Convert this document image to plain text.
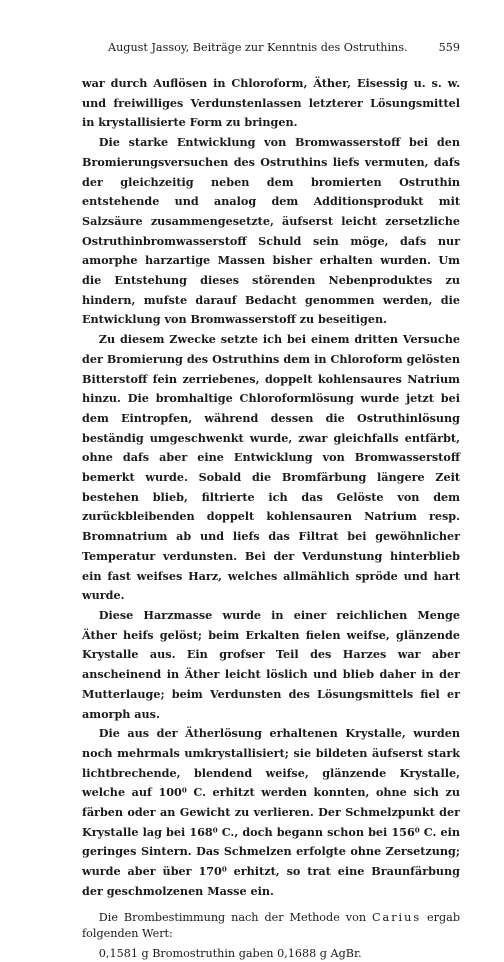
August Jassoy, Beiträge zur Kenntnis des Ostruthins.	559

war durch Auflösen in Chloroform, Äther, Eisessig u. s. w. und freiwilliges Verdunstenlassen letzterer Lösungsmittel in krystallisierte Form zu bringen.

Die starke Entwicklung von Bromwasserstoff bei den Bromierungsversuchen des Ostruthins liefs vermuten, dafs der gleichzeitig neben dem bromierten Ostruthin entstehende und analog dem Additionsprodukt mit Salzsäure zusammengesetzte, äufserst leicht zersetzliche Ostruthinbromwasserstoff Schuld sein möge, dafs nur amorphe harzartige Massen bisher erhalten wurden. Um die Entstehung dieses störenden Nebenproduktes zu hindern, mufste darauf Bedacht genommen werden, die Entwicklung von Bromwasserstoff zu beseitigen.

Zu diesem Zwecke setzte ich bei einem dritten Versuche der Bromierung des Ostruthins dem in Chloroform gelösten Bitterstoff fein zerriebenes, doppelt kohlensaures Natrium hinzu. Die bromhaltige Chloroformlösung wurde jetzt bei dem Eintropfen, während dessen die Ostruthinlösung beständig umgeschwenkt wurde, zwar gleichfalls entfärbt, ohne dafs aber eine Entwicklung von Bromwasserstoff bemerkt wurde. Sobald die Bromfärbung längere Zeit bestehen blieb, filtrierte ich das Gelöste von dem zurückbleibenden doppelt kohlensauren Natrium resp. Bromnatrium ab und liefs das Filtrat bei gewöhnlicher Temperatur verdunsten. Bei der Verdunstung hinterblieb ein fast weifses Harz, welches allmählich spröde und hart wurde.

Diese Harzmasse wurde in einer reichlichen Menge Äther heifs gelöst; beim Erkalten fielen weifse, glänzende Krystalle aus. Ein grofser Teil des Harzes war aber anscheinend in Äther leicht löslich und blieb daher in der Mutterlauge; beim Verdunsten des Lösungsmittels fiel er amorph aus.

Die aus der Ätherlösung erhaltenen Krystalle, wurden noch mehrmals umkrystallisiert; sie bildeten äufserst stark lichtbrechende, blendend weifse, glänzende Krystalle, welche auf 100⁰ C. erhitzt werden konnten, ohne sich zu färben oder an Gewicht zu verlieren. Der Schmelzpunkt der Krystalle lag bei 168⁰ C., doch begann schon bei 156⁰ C. ein geringes Sintern. Das Schmelzen erfolgte ohne Zersetzung; wurde aber über 170⁰ erhitzt, so trat eine Braunfärbung der geschmolzenen Masse ein.

Die Brombestimmung nach der Methode von Carius ergab folgenden Wert:

0,1581 g Bromostruthin gaben 0,1688 g AgBr.
